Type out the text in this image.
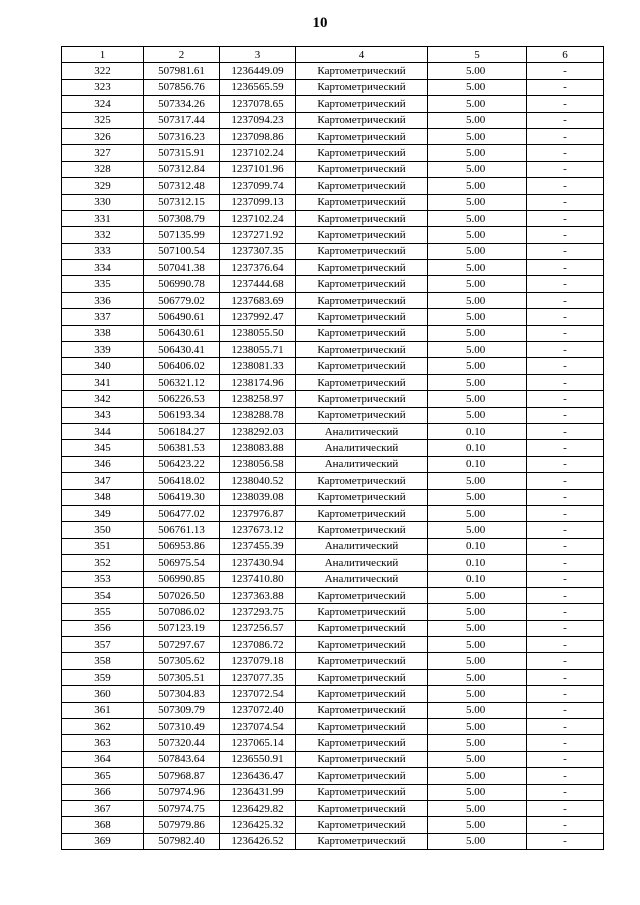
10
1	2	3	4	5	6
322	507981.61	1236449.09	Картометрический	5.00	-
323	507856.76	1236565.59	Картометрический	5.00	-
324	507334.26	1237078.65	Картометрический	5.00	-
325	507317.44	1237094.23	Картометрический	5.00	-
326	507316.23	1237098.86	Картометрический	5.00	-
327	507315.91	1237102.24	Картометрический	5.00	-
328	507312.84	1237101.96	Картометрический	5.00	-
329	507312.48	1237099.74	Картометрический	5.00	-
330	507312.15	1237099.13	Картометрический	5.00	-
331	507308.79	1237102.24	Картометрический	5.00	-
332	507135.99	1237271.92	Картометрический	5.00	-
333	507100.54	1237307.35	Картометрический	5.00	-
334	507041.38	1237376.64	Картометрический	5.00	-
335	506990.78	1237444.68	Картометрический	5.00	-
336	506779.02	1237683.69	Картометрический	5.00	-
337	506490.61	1237992.47	Картометрический	5.00	-
338	506430.61	1238055.50	Картометрический	5.00	-
339	506430.41	1238055.71	Картометрический	5.00	-
340	506406.02	1238081.33	Картометрический	5.00	-
341	506321.12	1238174.96	Картометрический	5.00	-
342	506226.53	1238258.97	Картометрический	5.00	-
343	506193.34	1238288.78	Картометрический	5.00	-
344	506184.27	1238292.03	Аналитический	0.10	-
345	506381.53	1238083.88	Аналитический	0.10	-
346	506423.22	1238056.58	Аналитический	0.10	-
347	506418.02	1238040.52	Картометрический	5.00	-
348	506419.30	1238039.08	Картометрический	5.00	-
349	506477.02	1237976.87	Картометрический	5.00	-
350	506761.13	1237673.12	Картометрический	5.00	-
351	506953.86	1237455.39	Аналитический	0.10	-
352	506975.54	1237430.94	Аналитический	0.10	-
353	506990.85	1237410.80	Аналитический	0.10	-
354	507026.50	1237363.88	Картометрический	5.00	-
355	507086.02	1237293.75	Картометрический	5.00	-
356	507123.19	1237256.57	Картометрический	5.00	-
357	507297.67	1237086.72	Картометрический	5.00	-
358	507305.62	1237079.18	Картометрический	5.00	-
359	507305.51	1237077.35	Картометрический	5.00	-
360	507304.83	1237072.54	Картометрический	5.00	-
361	507309.79	1237072.40	Картометрический	5.00	-
362	507310.49	1237074.54	Картометрический	5.00	-
363	507320.44	1237065.14	Картометрический	5.00	-
364	507843.64	1236550.91	Картометрический	5.00	-
365	507968.87	1236436.47	Картометрический	5.00	-
366	507974.96	1236431.99	Картометрический	5.00	-
367	507974.75	1236429.82	Картометрический	5.00	-
368	507979.86	1236425.32	Картометрический	5.00	-
369	507982.40	1236426.52	Картометрический	5.00	-
